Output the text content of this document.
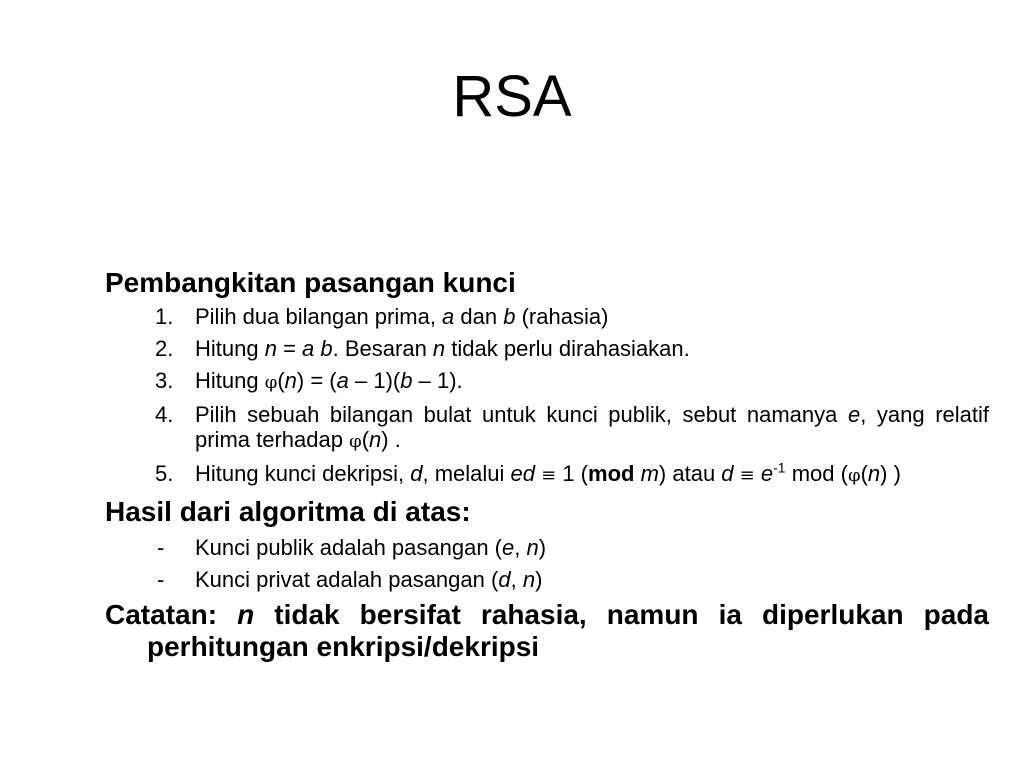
RSA
Pembangkitan pasangan kunci
1. Pilih dua bilangan prima, a dan b (rahasia)
2. Hitung n = a b. Besaran n tidak perlu dirahasiakan.
3. Hitung φ(n) = (a – 1)(b – 1).
4. Pilih sebuah bilangan bulat untuk kunci publik, sebut namanya e, yang relatif prima terhadap φ(n) .
5. Hitung kunci dekripsi, d, melalui ed ≡ 1 (mod m) atau $d \equiv e^{-1}$ mod (φ(n) )
Hasil dari algoritma di atas:
- Kunci publik adalah pasangan (e, n)
- Kunci privat adalah pasangan (d, n)
Catatan: n tidak bersifat rahasia, namun ia diperlukan pada perhitungan enkripsi/dekripsi
